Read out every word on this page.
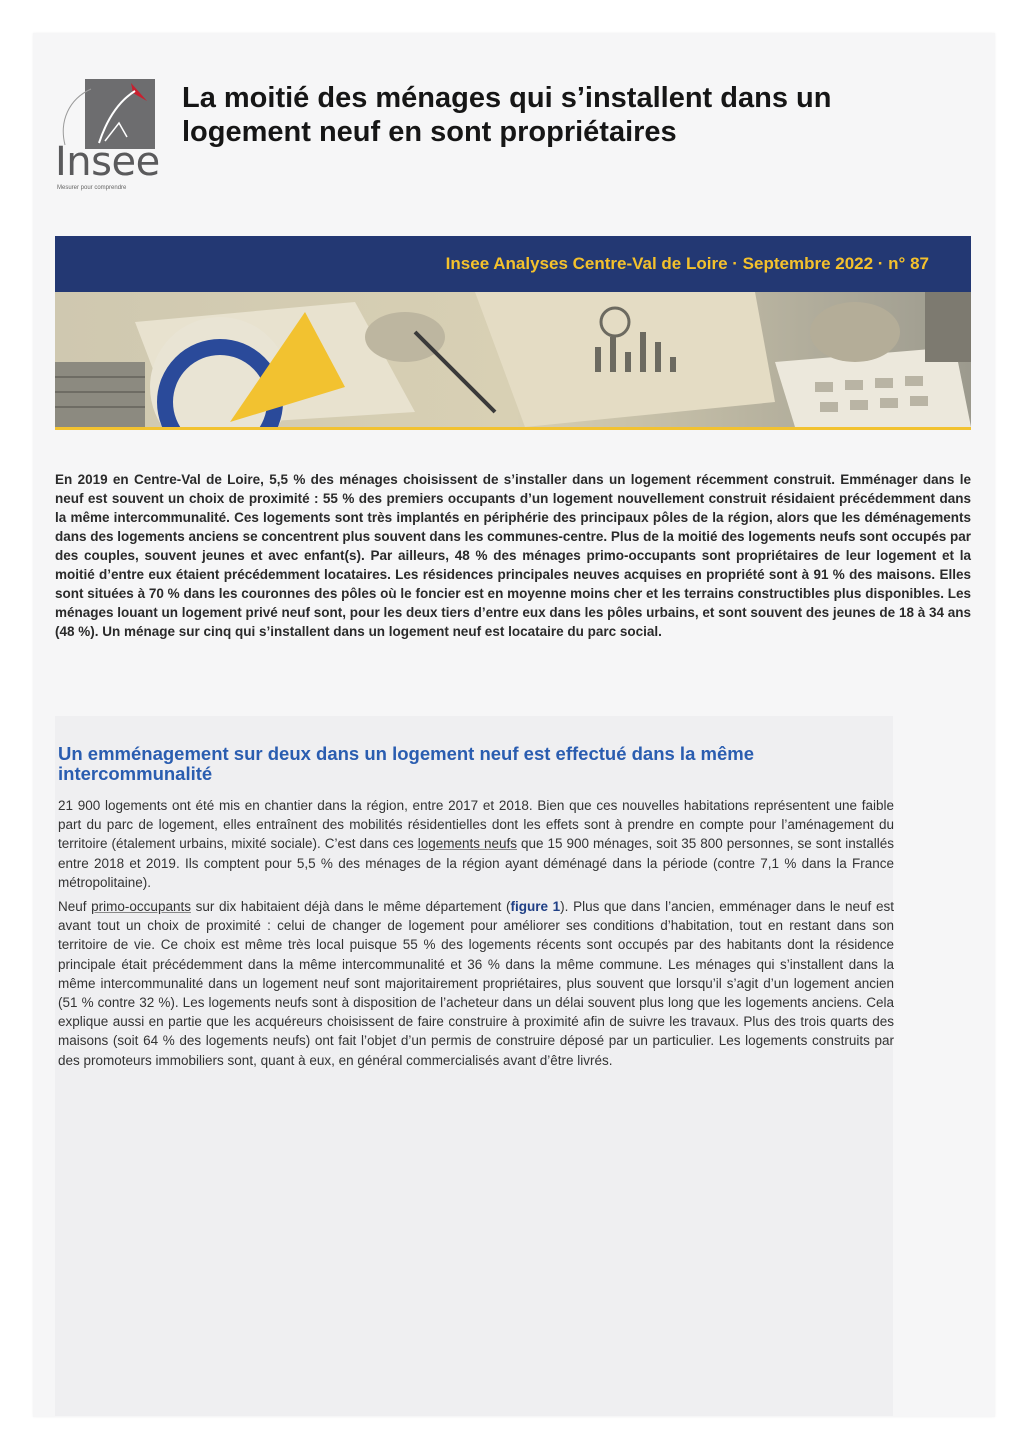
Insee
Mesurer pour comprendre
La moitié des ménages qui s’installent dans un logement neuf en sont propriétaires
Insee Analyses Centre-Val de Loire · Septembre 2022 · n° 87

En 2019 en Centre-Val de Loire, 5,5 % des ménages choisissent de s’installer dans un logement récemment construit. Emménager dans le neuf est souvent un choix de proximité : 55 % des premiers occupants d’un logement nouvellement construit résidaient précédemment dans la même intercommunalité. Ces logements sont très implantés en périphérie des principaux pôles de la région, alors que les déménagements dans des logements anciens se concentrent plus souvent dans les communes-centre. Plus de la moitié des logements neufs sont occupés par des couples, souvent jeunes et avec enfant(s). Par ailleurs, 48 % des ménages primo-occupants sont propriétaires de leur logement et la moitié d’entre eux étaient précédemment locataires. Les résidences principales neuves acquises en propriété sont à 91 % des maisons. Elles sont situées à 70 % dans les couronnes des pôles où le foncier est en moyenne moins cher et les terrains constructibles plus disponibles. Les ménages louant un logement privé neuf sont, pour les deux tiers d’entre eux dans les pôles urbains, et sont souvent des jeunes de 18 à 34 ans (48 %). Un ménage sur cinq qui s’installent dans un logement neuf est locataire du parc social.

Un emménagement sur deux dans un logement neuf est effectué dans la même intercommunalité

21 900 logements ont été mis en chantier dans la région, entre 2017 et 2018. Bien que ces nouvelles habitations représentent une faible part du parc de logement, elles entraînent des mobilités résidentielles dont les effets sont à prendre en compte pour l’aménagement du territoire (étalement urbains, mixité sociale). C’est dans ces logements neufs que 15 900 ménages, soit 35 800 personnes, se sont installés entre 2018 et 2019. Ils comptent pour 5,5 % des ménages de la région ayant déménagé dans la période (contre 7,1 % dans la France métropolitaine).

Neuf primo-occupants sur dix habitaient déjà dans le même département (figure 1). Plus que dans l’ancien, emménager dans le neuf est avant tout un choix de proximité : celui de changer de logement pour améliorer ses conditions d’habitation, tout en restant dans son territoire de vie. Ce choix est même très local puisque 55 % des logements récents sont occupés par des habitants dont la résidence principale était précédemment dans la même intercommunalité et 36 % dans la même commune. Les ménages qui s’installent dans la même intercommunalité dans un logement neuf sont majoritairement propriétaires, plus souvent que lorsqu’il s’agit d’un logement ancien (51 % contre 32 %). Les logements neufs sont à disposition de l’acheteur dans un délai souvent plus long que les logements anciens. Cela explique aussi en partie que les acquéreurs choisissent de faire construire à proximité afin de suivre les travaux. Plus des trois quarts des maisons (soit 64 % des logements neufs) ont fait l’objet d’un permis de construire déposé par un particulier. Les logements construits par des promoteurs immobiliers sont, quant à eux, en général commercialisés avant d’être livrés.
